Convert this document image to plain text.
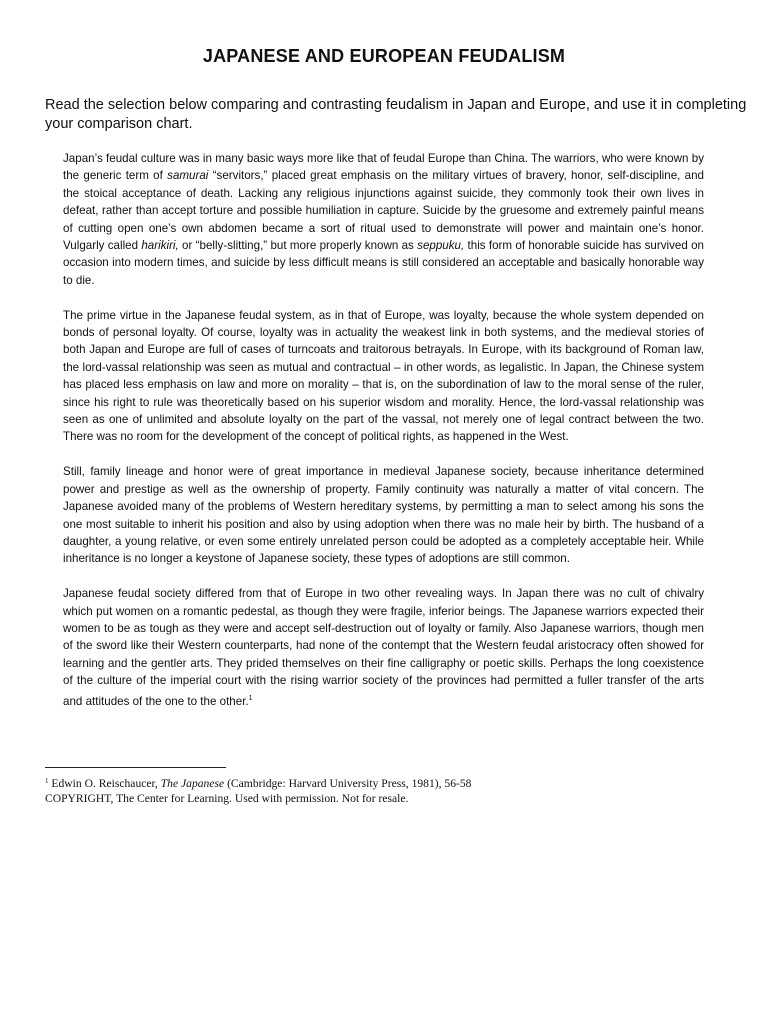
JAPANESE AND EUROPEAN FEUDALISM

Read the selection below comparing and contrasting feudalism in Japan and Europe, and use it in completing your comparison chart.

Japan’s feudal culture was in many basic ways more like that of feudal Europe than China. The warriors, who were known by the generic term of samurai “servitors,” placed great emphasis on the military virtues of bravery, honor, self-discipline, and the stoical acceptance of death. Lacking any religious injunctions against suicide, they commonly took their own lives in defeat, rather than accept torture and possible humiliation in capture. Suicide by the gruesome and extremely painful means of cutting open one’s own abdomen became a sort of ritual used to demonstrate will power and maintain one’s honor. Vulgarly called harikiri, or “belly-slitting,” but more properly known as seppuku, this form of honorable suicide has survived on occasion into modern times, and suicide by less difficult means is still considered an acceptable and basically honorable way to die.

The prime virtue in the Japanese feudal system, as in that of Europe, was loyalty, because the whole system depended on bonds of personal loyalty. Of course, loyalty was in actuality the weakest link in both systems, and the medieval stories of both Japan and Europe are full of cases of turncoats and traitorous betrayals. In Europe, with its background of Roman law, the lord-vassal relationship was seen as mutual and contractual – in other words, as legalistic. In Japan, the Chinese system has placed less emphasis on law and more on morality – that is, on the subordination of law to the moral sense of the ruler, since his right to rule was theoretically based on his superior wisdom and morality. Hence, the lord-vassal relationship was seen as one of unlimited and absolute loyalty on the part of the vassal, not merely one of legal contract between the two. There was no room for the development of the concept of political rights, as happened in the West.

Still, family lineage and honor were of great importance in medieval Japanese society, because inheritance determined power and prestige as well as the ownership of property. Family continuity was naturally a matter of vital concern. The Japanese avoided many of the problems of Western hereditary systems, by permitting a man to select among his sons the one most suitable to inherit his position and also by using adoption when there was no male heir by birth. The husband of a daughter, a young relative, or even some entirely unrelated person could be adopted as a completely acceptable heir. While inheritance is no longer a keystone of Japanese society, these types of adoptions are still common.

Japanese feudal society differed from that of Europe in two other revealing ways. In Japan there was no cult of chivalry which put women on a romantic pedestal, as though they were fragile, inferior beings. The Japanese warriors expected their women to be as tough as they were and accept self-destruction out of loyalty or family. Also Japanese warriors, though men of the sword like their Western counterparts, had none of the contempt that the Western feudal aristocracy often showed for learning and the gentler arts. They prided themselves on their fine calligraphy or poetic skills. Perhaps the long coexistence of the culture of the imperial court with the rising warrior society of the provinces had permitted a fuller transfer of the arts and attitudes of the one to the other.$^1$

$^1$ Edwin O. Reischaucer, The Japanese (Cambridge: Harvard University Press, 1981), 56-58
COPYRIGHT, The Center for Learning. Used with permission. Not for resale.
